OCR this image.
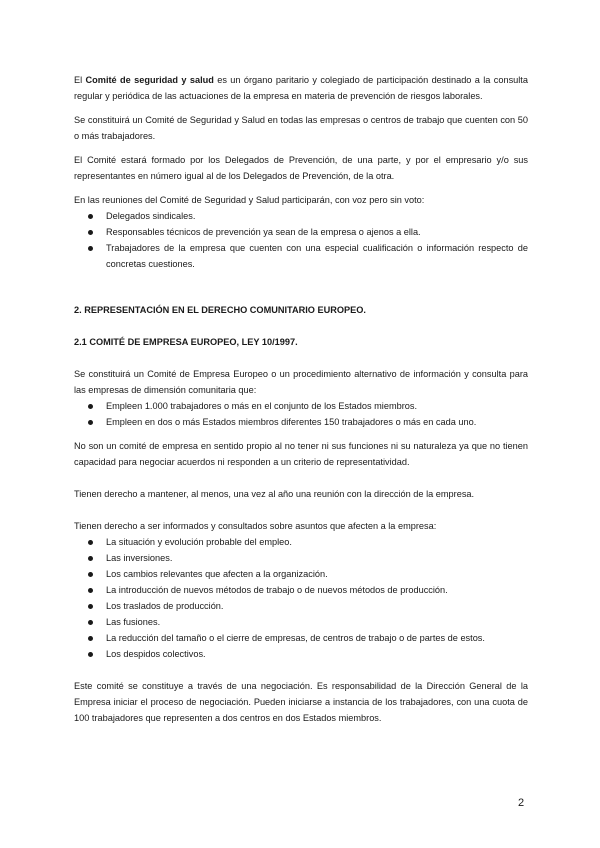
El Comité de seguridad y salud es un órgano paritario y colegiado de participación destinado a la consulta regular y periódica de las actuaciones de la empresa en materia de prevención de riesgos laborales.

Se constituirá un Comité de Seguridad y Salud en todas las empresas o centros de trabajo que cuenten con 50 o más trabajadores.

El Comité estará formado por los Delegados de Prevención, de una parte, y por el empresario y/o sus representantes en número igual al de los Delegados de Prevención, de la otra.

En las reuniones del Comité de Seguridad y Salud participarán, con voz pero sin voto:

Delegados sindicales.
Responsables técnicos de prevención ya sean de la empresa o ajenos a ella.
Trabajadores de la empresa que cuenten con una especial cualificación o información respecto de concretas cuestiones.
2. REPRESENTACIÓN EN EL DERECHO COMUNITARIO EUROPEO.
2.1 COMITÉ DE EMPRESA EUROPEO, LEY 10/1997.

Se constituirá un Comité de Empresa Europeo o un procedimiento alternativo de información y consulta para las empresas de dimensión comunitaria que:

Empleen 1.000 trabajadores o más en el conjunto de los Estados miembros.
Empleen en dos o más Estados miembros diferentes 150 trabajadores o más en cada uno.

No son un comité de empresa en sentido propio al no tener ni sus funciones ni su naturaleza ya que no tienen capacidad para negociar acuerdos ni responden a un criterio de representatividad.

Tienen derecho a mantener, al menos, una vez al año una reunión con la dirección de la empresa.

Tienen derecho a ser informados y consultados sobre asuntos que afecten a la empresa:

La situación y evolución probable del empleo.
Las inversiones.
Los cambios relevantes que afecten a la organización.
La introducción de nuevos métodos de trabajo o de nuevos métodos de producción.
Los traslados de producción.
Las fusiones.
La reducción del tamaño o el cierre de empresas, de centros de trabajo o de partes de estos.
Los despidos colectivos.

Este comité se constituye a través de una negociación. Es responsabilidad de la Dirección General de la Empresa iniciar el proceso de negociación. Pueden iniciarse a instancia de los trabajadores, con una cuota de 100 trabajadores que representen a dos centros en dos Estados miembros.

2
